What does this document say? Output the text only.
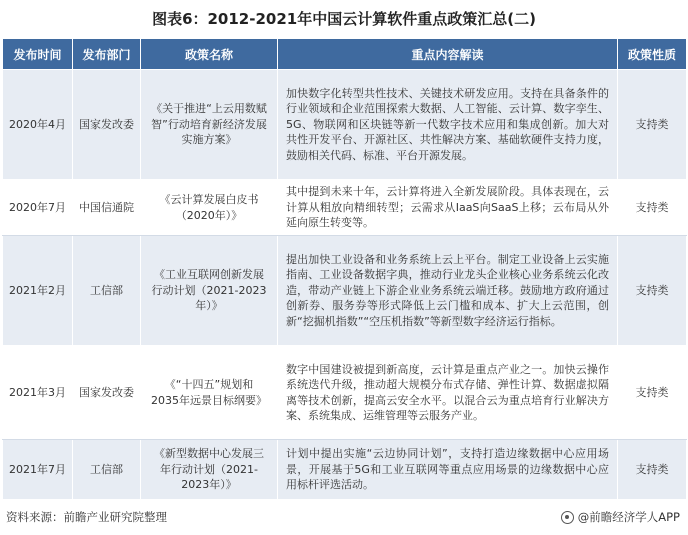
图表6：2012-2021年中国云计算软件重点政策汇总(二)
发布时间	发布部门	政策名称	重点内容解读	政策性质
2020年4月	国家发改委	《关于推进“上云用数赋智”行动培育新经济发展实施方案》	加快数字化转型共性技术、关键技术研发应用。支持在具备条件的行业领域和企业范围探索大数据、人工智能、云计算、数字孪生、5G、物联网和区块链等新一代数字技术应用和集成创新。加大对共性开发平台、开源社区、共性解决方案、基础软硬件支持力度，鼓励相关代码、标准、平台开源发展。	支持类
2020年7月	中国信通院	《云计算发展白皮书（2020年）》	其中提到未来十年，云计算将进入全新发展阶段。具体表现在，云计算从粗放向精细转型；云需求从IaaS向SaaS上移；云布局从外延向原生转变等。	支持类
2021年2月	工信部	《工业互联网创新发展行动计划（2021-2023年）》	提出加快工业设备和业务系统上云上平台。制定工业设备上云实施指南、工业设备数据字典，推动行业龙头企业核心业务系统云化改造，带动产业链上下游企业业务系统云端迁移。鼓励地方政府通过创新券、服务券等形式降低上云门槛和成本、扩大上云范围，创新“挖掘机指数”“空压机指数”等新型数字经济运行指标。	支持类
2021年3月	国家发改委	《“十四五”规划和2035年远景目标纲要》	数字中国建设被提到新高度，云计算是重点产业之一。加快云操作系统迭代升级，推动超大规模分布式存储、弹性计算、数据虚拟隔离等技术创新，提高云安全水平。以混合云为重点培育行业解决方案、系统集成、运维管理等云服务产业。	支持类
2021年7月	工信部	《新型数据中心发展三年行动计划（2021-2023年）》	计划中提出实施“云边协同计划”，支持打造边缘数据中心应用场景，开展基于5G和工业互联网等重点应用场景的边缘数据中心应用标杆评选活动。	支持类
资料来源：前瞻产业研究院整理	@前瞻经济学人APP
